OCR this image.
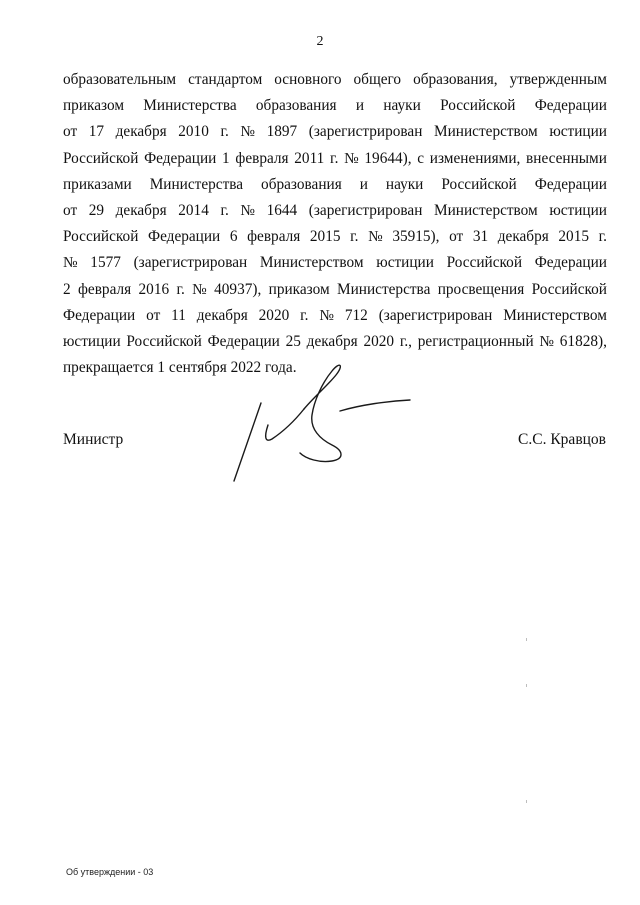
2
образовательным стандартом основного общего образования, утвержденным
приказом Министерства образования и науки Российской Федерации
от 17 декабря 2010 г. № 1897 (зарегистрирован Министерством юстиции
Российской Федерации 1 февраля 2011 г. № 19644), с изменениями, внесенными
приказами Министерства образования и науки Российской Федерации
от 29 декабря 2014 г. № 1644 (зарегистрирован Министерством юстиции
Российской Федерации 6 февраля 2015 г. № 35915), от 31 декабря 2015 г.
№ 1577 (зарегистрирован Министерством юстиции Российской Федерации
2 февраля 2016 г. № 40937), приказом Министерства просвещения Российской
Федерации от 11 декабря 2020 г. № 712 (зарегистрирован Министерством
юстиции Российской Федерации 25 декабря 2020 г., регистрационный № 61828),
прекращается 1 сентября 2022 года.
Министр	С.С. Кравцов
Об утверждении - 03
